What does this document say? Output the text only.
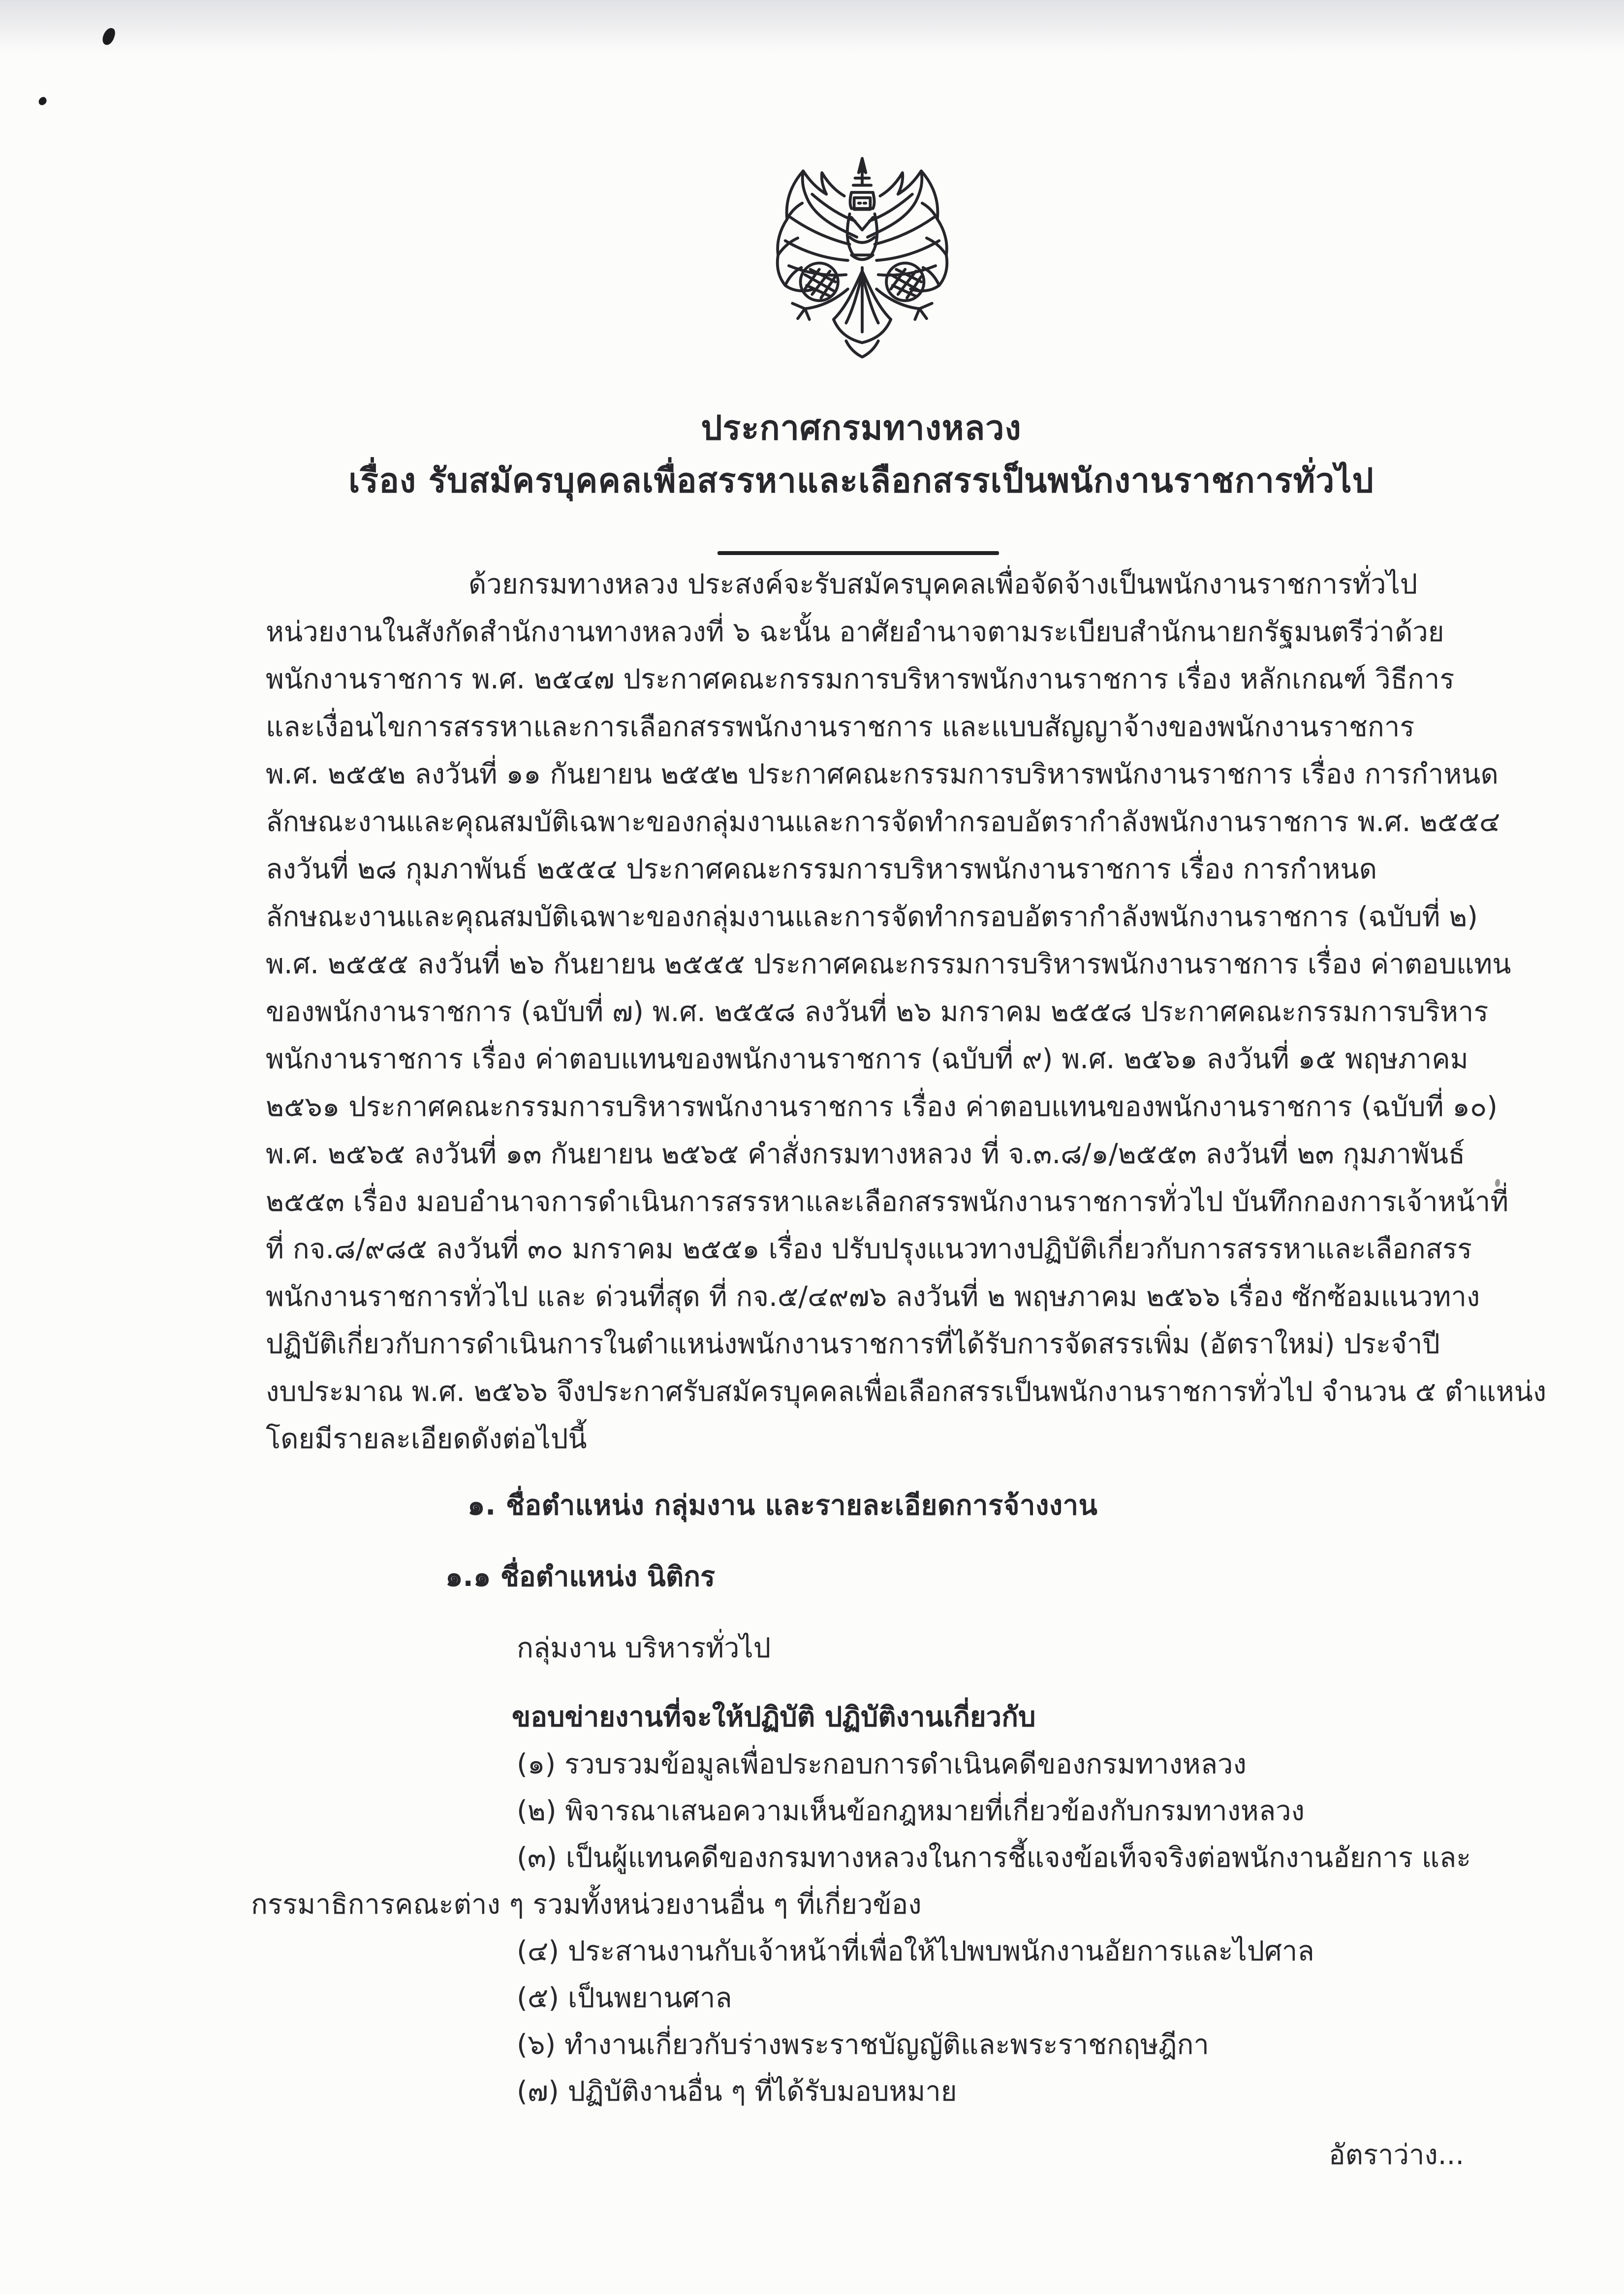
ประกาศกรมทางหลวง
เรื่อง รับสมัครบุคคลเพื่อสรรหาและเลือกสรรเป็นพนักงานราชการทั่วไป
ด้วยกรมทางหลวง ประสงค์จะรับสมัครบุคคลเพื่อจัดจ้างเป็นพนักงานราชการทั่วไป
หน่วยงานในสังกัดสำนักงานทางหลวงที่ ๖ ฉะนั้น อาศัยอำนาจตามระเบียบสำนักนายกรัฐมนตรีว่าด้วย
พนักงานราชการ พ.ศ. ๒๕๔๗ ประกาศคณะกรรมการบริหารพนักงานราชการ เรื่อง หลักเกณฑ์ วิธีการ
และเงื่อนไขการสรรหาและการเลือกสรรพนักงานราชการ และแบบสัญญาจ้างของพนักงานราชการ
พ.ศ. ๒๕๕๒ ลงวันที่ ๑๑ กันยายน ๒๕๕๒ ประกาศคณะกรรมการบริหารพนักงานราชการ เรื่อง การกำหนด
ลักษณะงานและคุณสมบัติเฉพาะของกลุ่มงานและการจัดทำกรอบอัตรากำลังพนักงานราชการ พ.ศ. ๒๕๕๔
ลงวันที่ ๒๘ กุมภาพันธ์ ๒๕๕๔ ประกาศคณะกรรมการบริหารพนักงานราชการ เรื่อง การกำหนด
ลักษณะงานและคุณสมบัติเฉพาะของกลุ่มงานและการจัดทำกรอบอัตรากำลังพนักงานราชการ (ฉบับที่ ๒)
พ.ศ. ๒๕๕๕ ลงวันที่ ๒๖ กันยายน ๒๕๕๕ ประกาศคณะกรรมการบริหารพนักงานราชการ เรื่อง ค่าตอบแทน
ของพนักงานราชการ (ฉบับที่ ๗) พ.ศ. ๒๕๕๘ ลงวันที่ ๒๖ มกราคม ๒๕๕๘ ประกาศคณะกรรมการบริหาร
พนักงานราชการ เรื่อง ค่าตอบแทนของพนักงานราชการ (ฉบับที่ ๙) พ.ศ. ๒๕๖๑ ลงวันที่ ๑๕ พฤษภาคม
๒๕๖๑ ประกาศคณะกรรมการบริหารพนักงานราชการ เรื่อง ค่าตอบแทนของพนักงานราชการ (ฉบับที่ ๑๐)
พ.ศ. ๒๕๖๕ ลงวันที่ ๑๓ กันยายน ๒๕๖๕ คำสั่งกรมทางหลวง ที่ จ.๓.๘/๑/๒๕๕๓ ลงวันที่ ๒๓ กุมภาพันธ์
๒๕๕๓ เรื่อง มอบอำนาจการดำเนินการสรรหาและเลือกสรรพนักงานราชการทั่วไป บันทึกกองการเจ้าหน้าที่
ที่ กจ.๘/๙๘๕ ลงวันที่ ๓๐ มกราคม ๒๕๕๑ เรื่อง ปรับปรุงแนวทางปฏิบัติเกี่ยวกับการสรรหาและเลือกสรร
พนักงานราชการทั่วไป และ ด่วนที่สุด ที่ กจ.๕/๔๙๗๖ ลงวันที่ ๒ พฤษภาคม ๒๕๖๖ เรื่อง ซักซ้อมแนวทาง
ปฏิบัติเกี่ยวกับการดำเนินการในตำแหน่งพนักงานราชการที่ได้รับการจัดสรรเพิ่ม (อัตราใหม่) ประจำปี
งบประมาณ พ.ศ. ๒๕๖๖ จึงประกาศรับสมัครบุคคลเพื่อเลือกสรรเป็นพนักงานราชการทั่วไป จำนวน ๕ ตำแหน่ง
โดยมีรายละเอียดดังต่อไปนี้
๑. ชื่อตำแหน่ง กลุ่มงาน และรายละเอียดการจ้างงาน
๑.๑ ชื่อตำแหน่ง นิติกร
กลุ่มงาน บริหารทั่วไป
ขอบข่ายงานที่จะให้ปฏิบัติ ปฏิบัติงานเกี่ยวกับ
(๑) รวบรวมข้อมูลเพื่อประกอบการดำเนินคดีของกรมทางหลวง
(๒) พิจารณาเสนอความเห็นข้อกฎหมายที่เกี่ยวข้องกับกรมทางหลวง
(๓) เป็นผู้แทนคดีของกรมทางหลวงในการชี้แจงข้อเท็จจริงต่อพนักงานอัยการ และ
กรรมาธิการคณะต่าง ๆ รวมทั้งหน่วยงานอื่น ๆ ที่เกี่ยวข้อง
(๔) ประสานงานกับเจ้าหน้าที่เพื่อให้ไปพบพนักงานอัยการและไปศาล
(๕) เป็นพยานศาล
(๖) ทำงานเกี่ยวกับร่างพระราชบัญญัติและพระราชกฤษฎีกา
(๗) ปฏิบัติงานอื่น ๆ ที่ได้รับมอบหมาย
อัตราว่าง...
